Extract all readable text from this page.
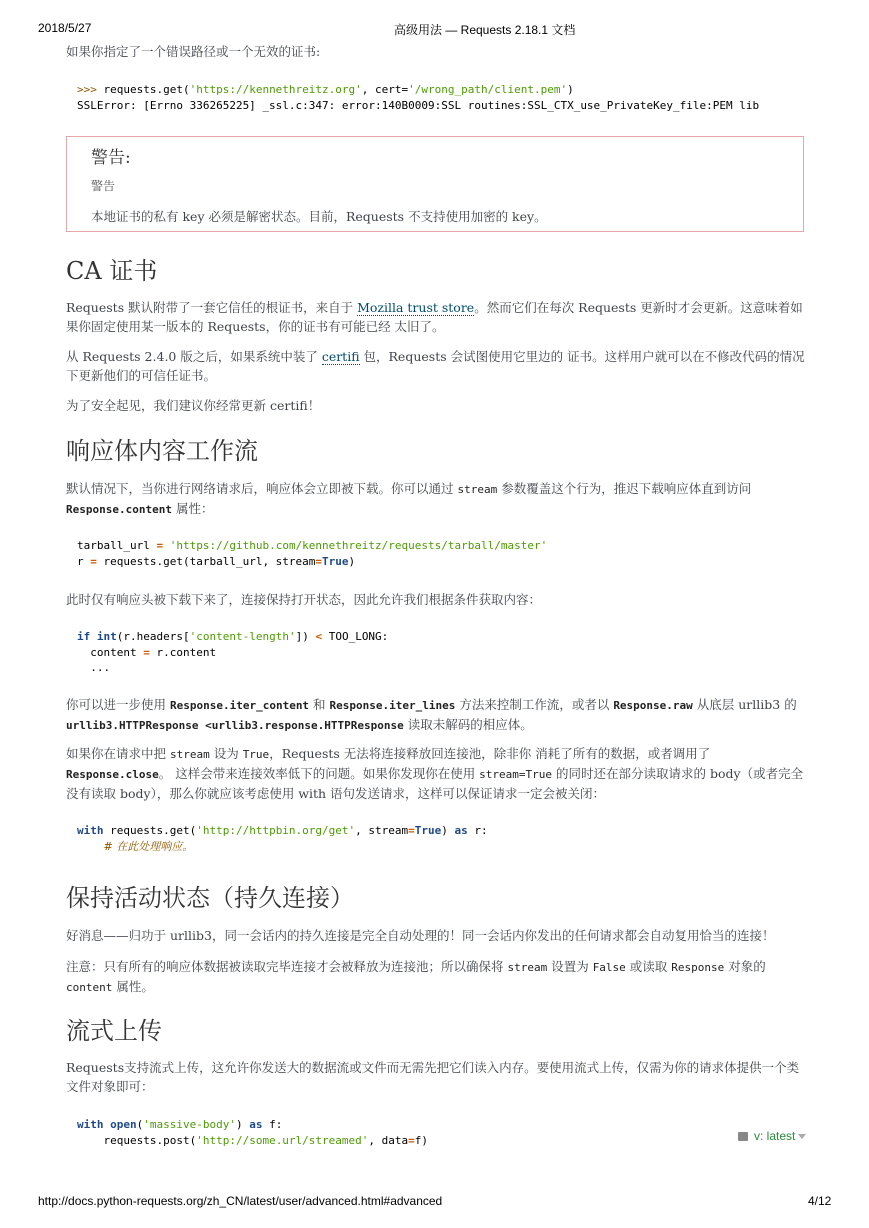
2018/5/27	高级用法 — Requests 2.18.1 文档

如果你指定了一个错误路径或一个无效的证书:

>>> requests.get('https://kennethreitz.org', cert='/wrong_path/client.pem')
SSLError: [Errno 336265225] _ssl.c:347: error:140B0009:SSL routines:SSL_CTX_use_PrivateKey_file:PEM lib
警告:
警告
本地证书的私有 key 必须是解密状态。目前，Requests 不支持使用加密的 key。
CA 证书

Requests 默认附带了一套它信任的根证书，来自于 Mozilla trust store。然而它们在每次 Requests 更新时才会更新。这意味着如果你固定使用某一版本的 Requests，你的证书有可能已经 太旧了。

从 Requests 2.4.0 版之后，如果系统中装了 certifi 包，Requests 会试图使用它里边的 证书。这样用户就可以在不修改代码的情况下更新他们的可信任证书。

为了安全起见，我们建议你经常更新 certifi！

响应体内容工作流

默认情况下，当你进行网络请求后，响应体会立即被下载。你可以通过 stream 参数覆盖这个行为，推迟下载响应体直到访问 Response.content 属性：

tarball_url = 'https://github.com/kennethreitz/requests/tarball/master'
r = requests.get(tarball_url, stream=True)

此时仅有响应头被下载下来了，连接保持打开状态，因此允许我们根据条件获取内容：

if int(r.headers['content-length']) < TOO_LONG:
content = r.content
...

你可以进一步使用 Response.iter_content 和 Response.iter_lines 方法来控制工作流，或者以 Response.raw 从底层 urllib3 的 urllib3.HTTPResponse <urllib3.response.HTTPResponse 读取未解码的相应体。

如果你在请求中把 stream 设为 True，Requests 无法将连接释放回连接池，除非你 消耗了所有的数据，或者调用了 Response.close。 这样会带来连接效率低下的问题。如果你发现你在使用 stream=True 的同时还在部分读取请求的 body（或者完全没有读取 body），那么你就应该考虑使用 with 语句发送请求，这样可以保证请求一定会被关闭：

with requests.get('http://httpbin.org/get', stream=True) as r:
# 在此处理响应。
保持活动状态（持久连接）

好消息——归功于 urllib3，同一会话内的持久连接是完全自动处理的！同一会话内你发出的任何请求都会自动复用恰当的连接！

注意：只有所有的响应体数据被读取完毕连接才会被释放为连接池；所以确保将 stream 设置为 False 或读取 Response 对象的 content 属性。

流式上传

Requests支持流式上传，这允许你发送大的数据流或文件而无需先把它们读入内存。要使用流式上传，仅需为你的请求体提供一个类文件对象即可：

with open('massive-body') as f:
requests.post('http://some.url/streamed', data=f)	v: latest
http://docs.python-requests.org/zh_CN/latest/user/advanced.html#advanced	4/12
